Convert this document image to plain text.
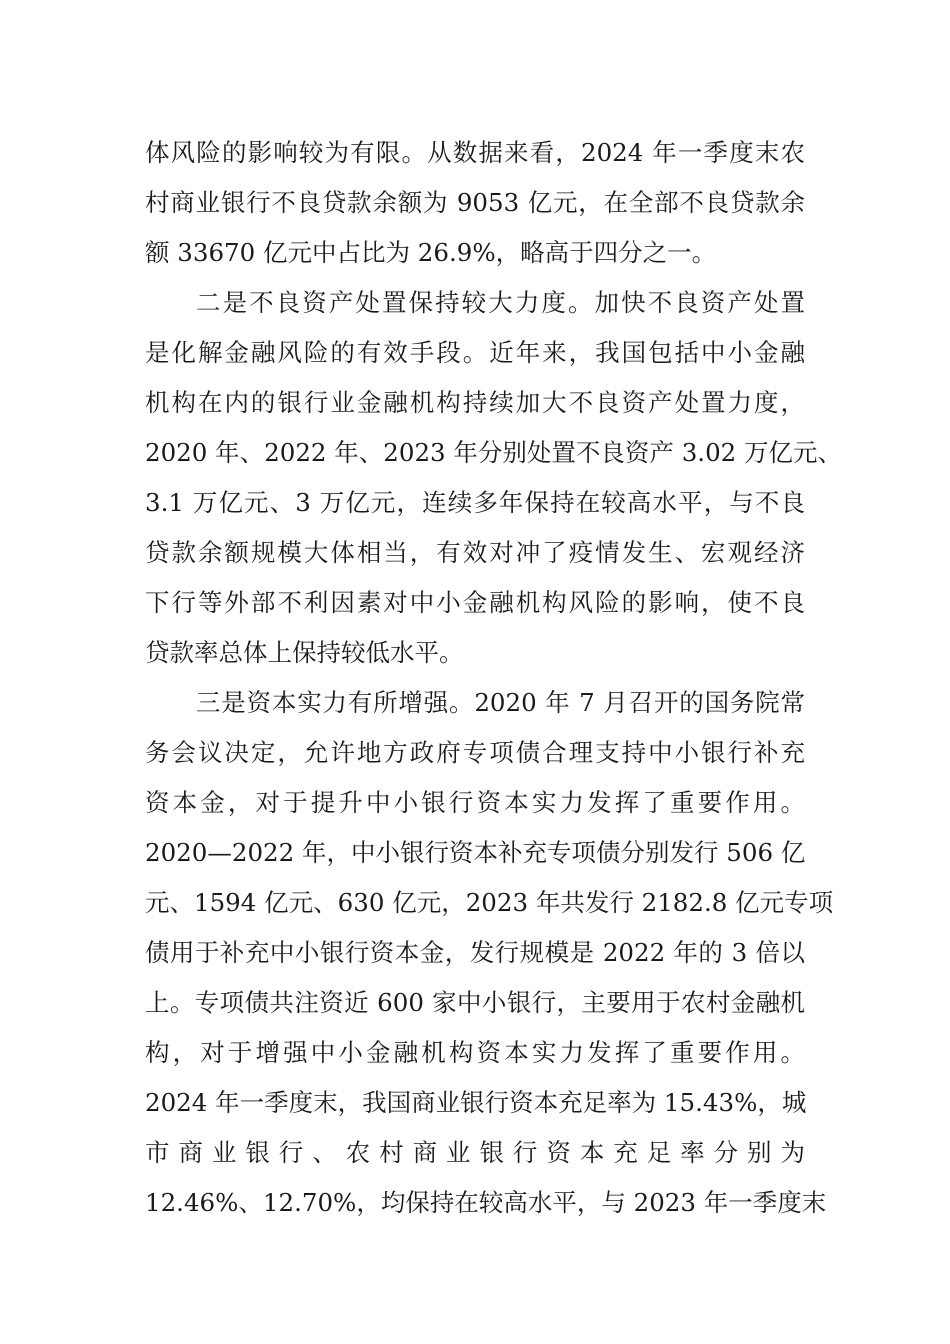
体风险的影响较为有限。从数据来看，2024 年一季度末农
村商业银行不良贷款余额为 9053 亿元，在全部不良贷款余
额 33670 亿元中占比为 26.9%，略高于四分之一。
二是不良资产处置保持较大力度。加快不良资产处置
是化解金融风险的有效手段。近年来，我国包括中小金融
机构在内的银行业金融机构持续加大不良资产处置力度，
2020 年、2022 年、2023 年分别处置不良资产 3.02 万亿元、
3.1 万亿元、3 万亿元，连续多年保持在较高水平，与不良
贷款余额规模大体相当，有效对冲了疫情发生、宏观经济
下行等外部不利因素对中小金融机构风险的影响，使不良
贷款率总体上保持较低水平。
三是资本实力有所增强。2020 年 7 月召开的国务院常
务会议决定，允许地方政府专项债合理支持中小银行补充
资本金，对于提升中小银行资本实力发挥了重要作用。
2020—2022 年，中小银行资本补充专项债分别发行 506 亿
元、1594 亿元、630 亿元，2023 年共发行 2182.8 亿元专项
债用于补充中小银行资本金，发行规模是 2022 年的 3 倍以
上。专项债共注资近 600 家中小银行，主要用于农村金融机
构，对于增强中小金融机构资本实力发挥了重要作用。
2024 年一季度末，我国商业银行资本充足率为 15.43%，城
市商业银行、农村商业银行资本充足率分别为
12.46%、12.70%，均保持在较高水平，与 2023 年一季度末
